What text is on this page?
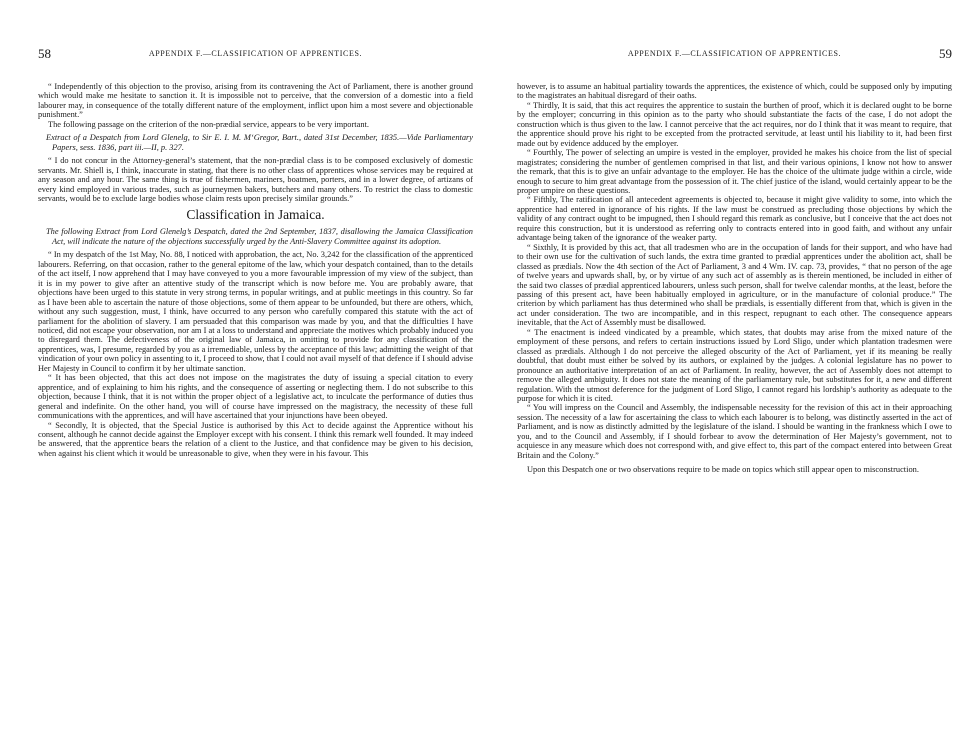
58	APPENDIX F.—CLASSIFICATION OF APPRENTICES.

“ Independently of this objection to the proviso, arising from its contravening the Act of Parliament, there is another ground which would make me hesitate to sanction it. It is impossible not to perceive, that the conversion of a domestic into a field labourer may, in consequence of the totally different nature of the employment, inflict upon him a most severe and objectionable punishment.”

The following passage on the criterion of the non-prædial service, appears to be very important.

Extract of a Despatch from Lord Glenelg, to Sir E. I. M. M‘Gregor, Bart., dated 31st December, 1835.—Vide Parliamentary Papers, sess. 1836, part iii.—II, p. 327.

“ I do not concur in the Attorney-general’s statement, that the non-prædial class is to be composed exclusively of domestic servants. Mr. Shiell is, I think, inaccurate in stating, that there is no other class of apprentices whose services may be required at any season and any hour. The same thing is true of fishermen, mariners, boatmen, porters, and in a lower degree, of artizans of every kind employed in various trades, such as journeymen bakers, butchers and many others. To restrict the class to domestic servants, would be to exclude large bodies whose claim rests upon precisely similar grounds.”

Classification in Jamaica.

The following Extract from Lord Glenelg’s Despatch, dated the 2nd September, 1837, disallowing the Jamaica Classification Act, will indicate the nature of the objections successfully urged by the Anti-Slavery Committee against its adoption.

“ In my despatch of the 1st May, No. 88, I noticed with approbation, the act, No. 3,242 for the classification of the apprenticed labourers. Referring, on that occasion, rather to the general epitome of the law, which your despatch contained, than to the details of the act itself, I now apprehend that I may have conveyed to you a more favourable impression of my view of the subject, than it is in my power to give after an attentive study of the transcript which is now before me. You are probably aware, that objections have been urged to this statute in very strong terms, in popular writings, and at public meetings in this country. So far as I have been able to ascertain the nature of those objections, some of them appear to be unfounded, but there are others, which, without any such suggestion, must, I think, have occurred to any person who carefully compared this statute with the act of parliament for the abolition of slavery. I am persuaded that this comparison was made by you, and that the difficulties I have noticed, did not escape your observation, nor am I at a loss to understand and appreciate the motives which probably induced you to disregard them. The defectiveness of the original law of Jamaica, in omitting to provide for any classification of the apprentices, was, I presume, regarded by you as a irremediable, unless by the acceptance of this law; admitting the weight of that vindication of your own policy in assenting to it, I proceed to show, that I could not avail myself of that defence if I should advise Her Majesty in Council to confirm it by her ultimate sanction.

“ It has been objected, that this act does not impose on the magistrates the duty of issuing a special citation to every apprentice, and of explaining to him his rights, and the consequence of asserting or neglecting them. I do not subscribe to this objection, because I think, that it is not within the proper object of a legislative act, to inculcate the performance of duties thus general and indefinite. On the other hand, you will of course have impressed on the magistracy, the necessity of these full communications with the apprentices, and will have ascertained that your injunctions have been obeyed.

“ Secondly, It is objected, that the Special Justice is authorised by this Act to decide against the Apprentice without his consent, although he cannot decide against the Employer except with his consent. I think this remark well founded. It may indeed be answered, that the apprentice bears the relation of a client to the Justice, and that confidence may be given to his decision, when against his client which it would be unreasonable to give, when they were in his favour. This

APPENDIX F.—CLASSIFICATION OF APPRENTICES.	59

however, is to assume an habitual partiality towards the apprentices, the existence of which, could be supposed only by imputing to the magistrates an habitual disregard of their oaths.

“ Thirdly, It is said, that this act requires the apprentice to sustain the burthen of proof, which it is declared ought to be borne by the employer; concurring in this opinion as to the party who should substantiate the facts of the case, I do not adopt the construction which is thus given to the law. I cannot perceive that the act requires, nor do I think that it was meant to require, that the apprentice should prove his right to be excepted from the protracted servitude, at least until his liability to it, had been first made out by evidence adduced by the employer.

“ Fourthly, The power of selecting an umpire is vested in the employer, provided he makes his choice from the list of special magistrates; considering the number of gentlemen comprised in that list, and their various opinions, I know not how to answer the remark, that this is to give an unfair advantage to the employer. He has the choice of the ultimate judge within a circle, wide enough to secure to him great advantage from the possession of it. The chief justice of the island, would certainly appear to be the proper umpire on these questions.

“ Fifthly, The ratification of all antecedent agreements is objected to, because it might give validity to some, into which the apprentice had entered in ignorance of his rights. If the law must be construed as precluding those objections by which the validity of any contract ought to be impugned, then I should regard this remark as conclusive, but I conceive that the act does not require this construction, but it is understood as referring only to contracts entered into in good faith, and without any unfair advantage being taken of the ignorance of the weaker party.

“ Sixthly, It is provided by this act, that all tradesmen who are in the occupation of lands for their support, and who have had to their own use for the cultivation of such lands, the extra time granted to prædial apprentices under the abolition act, shall be classed as prædials. Now the 4th section of the Act of Parliament, 3 and 4 Wm. IV. cap. 73, provides, “ that no person of the age of twelve years and upwards shall, by, or by virtue of any such act of assembly as is therein mentioned, be included in either of the said two classes of prædial apprenticed labourers, unless such person, shall for twelve calendar months, at the least, before the passing of this present act, have been habitually employed in agriculture, or in the manufacture of colonial produce.” The criterion by which parliament has thus determined who shall be prædials, is essentially different from that, which is given in the act under consideration. The two are incompatible, and in this respect, repugnant to each other. The consequence appears inevitable, that the Act of Assembly must be disallowed.

“ The enactment is indeed vindicated by a preamble, which states, that doubts may arise from the mixed nature of the employment of these persons, and refers to certain instructions issued by Lord Sligo, under which plantation tradesmen were classed as prædials. Although I do not perceive the alleged obscurity of the Act of Parliament, yet if its meaning be really doubtful, that doubt must either be solved by its authors, or explained by the judges. A colonial legislature has no power to pronounce an authoritative interpretation of an act of Parliament. In reality, however, the act of Assembly does not attempt to remove the alleged ambiguity. It does not state the meaning of the parliamentary rule, but substitutes for it, a new and different regulation. With the utmost deference for the judgment of Lord Sligo, I cannot regard his lordship’s authority as adequate to the purpose for which it is cited.

“ You will impress on the Council and Assembly, the indispensable necessity for the revision of this act in their approaching session. The necessity of a law for ascertaining the class to which each labourer is to belong, was distinctly asserted in the act of Parliament, and is now as distinctly admitted by the legislature of the island. I should be wanting in the frankness which I owe to you, and to the Council and Assembly, if I should forbear to avow the determination of Her Majesty’s government, not to acquiesce in any measure which does not correspond with, and give effect to, this part of the compact entered into between Great Britain and the Colony.”

Upon this Despatch one or two observations require to be made on topics which still appear open to misconstruction.
